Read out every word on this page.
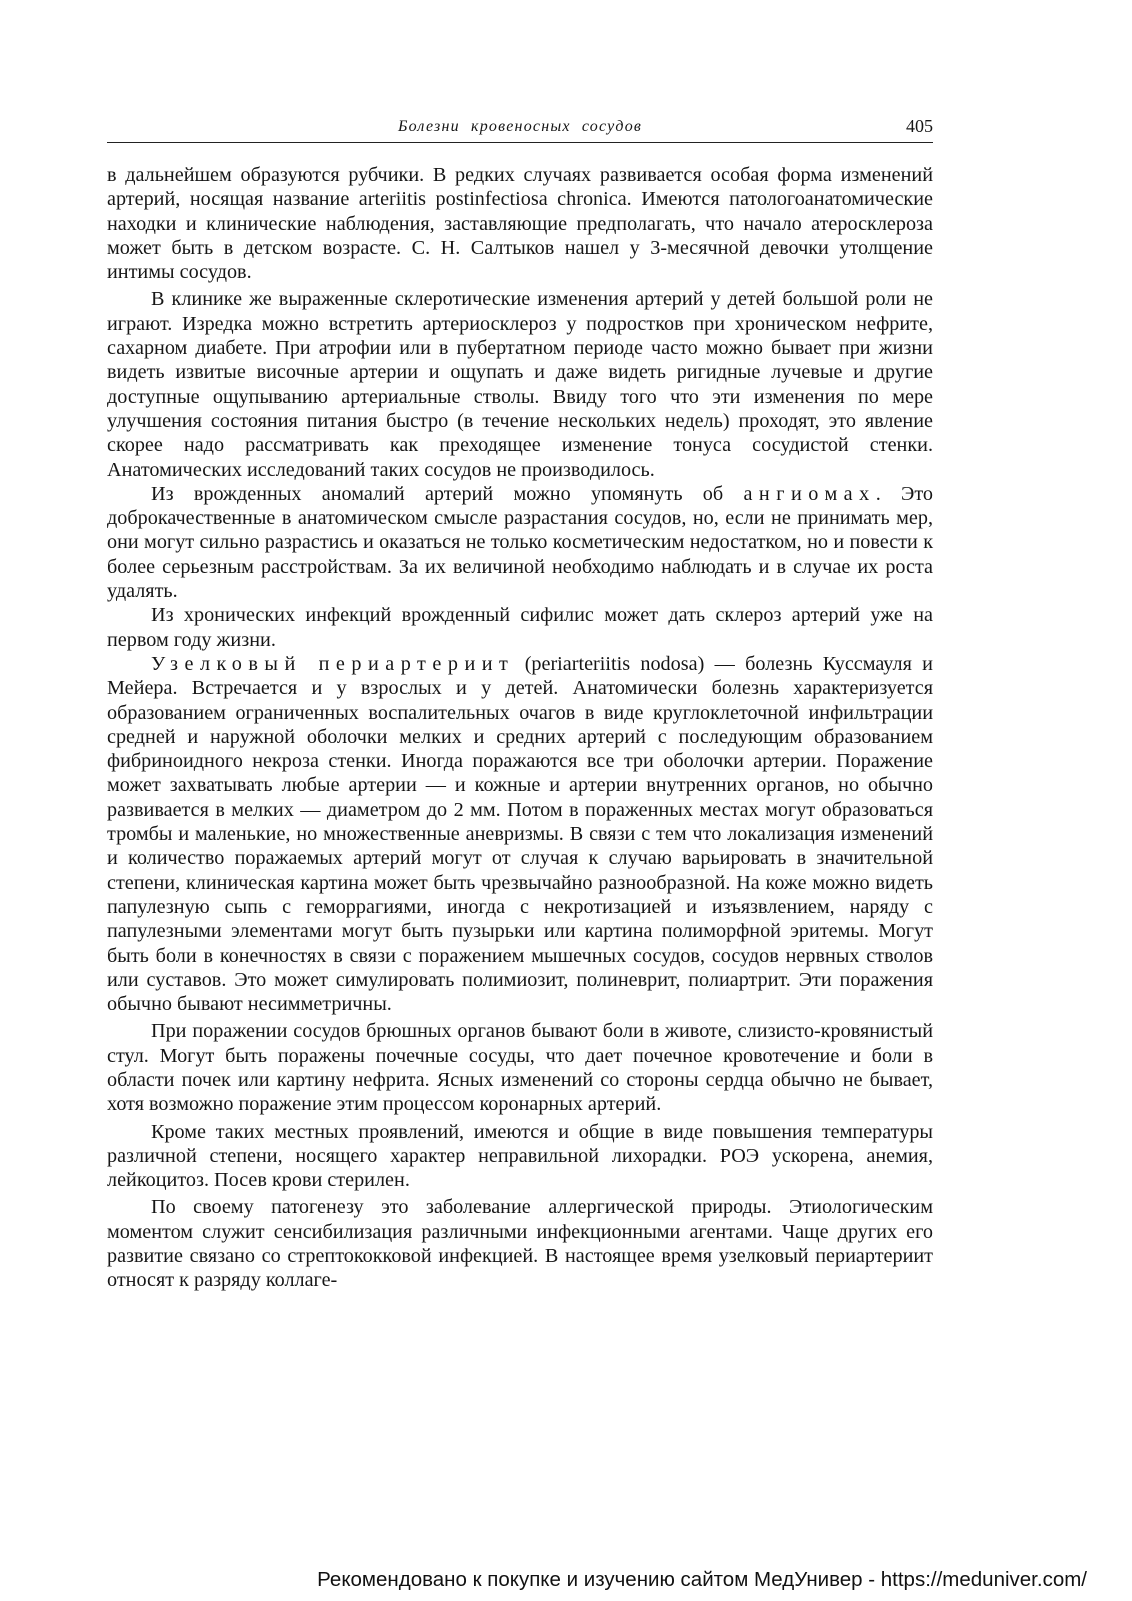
Болезни кровеносных сосудов	405

в дальнейшем образуются рубчики. В редких случаях развивается особая форма изменений артерий, носящая название arteriitis postinfectiosa chronica. Имеются патологоанатомические находки и клинические наблюдения, заставляющие предполагать, что начало атеросклероза может быть в детском возрасте. С. Н. Салтыков нашел у 3-месячной девочки утолщение интимы сосудов.

В клинике же выраженные склеротические изменения артерий у детей большой роли не играют. Изредка можно встретить артериосклероз у подростков при хроническом нефрите, сахарном диабете. При атрофии или в пубертатном периоде часто можно бывает при жизни видеть извитые височные артерии и ощупать и даже видеть ригидные лучевые и другие доступные ощупыванию артериальные стволы. Ввиду того что эти изменения по мере улучшения состояния питания быстро (в течение нескольких недель) проходят, это явление скорее надо рассматривать как преходящее изменение тонуса сосудистой стенки. Анатомических исследований таких сосудов не производилось.

Из врожденных аномалий артерий можно упомянуть об ангиомах. Это доброкачественные в анатомическом смысле разрастания сосудов, но, если не принимать мер, они могут сильно разрастись и оказаться не только косметическим недостатком, но и повести к более серьезным расстройствам. За их величиной необходимо наблюдать и в случае их роста удалять.

Из хронических инфекций врожденный сифилис может дать склероз артерий уже на первом году жизни.

Узелковый периартериит (periarteriitis nodosa) — болезнь Куссмауля и Мейера. Встречается и у взрослых и у детей. Анатомически болезнь характеризуется образованием ограниченных воспалительных очагов в виде круглоклеточной инфильтрации средней и наружной оболочки мелких и средних артерий с последующим образованием фибриноидного некроза стенки. Иногда поражаются все три оболочки артерии. Поражение может захватывать любые артерии — и кожные и артерии внутренних органов, но обычно развивается в мелких — диаметром до 2 мм. Потом в пораженных местах могут образоваться тромбы и маленькие, но множественные аневризмы. В связи с тем что локализация изменений и количество поражаемых артерий могут от случая к случаю варьировать в значительной степени, клиническая картина может быть чрезвычайно разнообразной. На коже можно видеть папулезную сыпь с геморрагиями, иногда с некротизацией и изъязвлением, наряду с папулезными элементами могут быть пузырьки или картина полиморфной эритемы. Могут быть боли в конечностях в связи с поражением мышечных сосудов, сосудов нервных стволов или суставов. Это может симулировать полимиозит, полиневрит, полиартрит. Эти поражения обычно бывают несимметричны.

При поражении сосудов брюшных органов бывают боли в животе, слизисто-кровянистый стул. Могут быть поражены почечные сосуды, что дает почечное кровотечение и боли в области почек или картину нефрита. Ясных изменений со стороны сердца обычно не бывает, хотя возможно поражение этим процессом коронарных артерий.

Кроме таких местных проявлений, имеются и общие в виде повышения температуры различной степени, носящего характер неправильной лихорадки. РОЭ ускорена, анемия, лейкоцитоз. Посев крови стерилен.

По своему патогенезу это заболевание аллергической природы. Этиологическим моментом служит сенсибилизация различными инфекционными агентами. Чаще других его развитие связано со стрептококковой инфекцией. В настоящее время узелковый периартериит относят к разряду коллаге-

Рекомендовано к покупке и изучению сайтом МедУнивер - https://meduniver.com/
